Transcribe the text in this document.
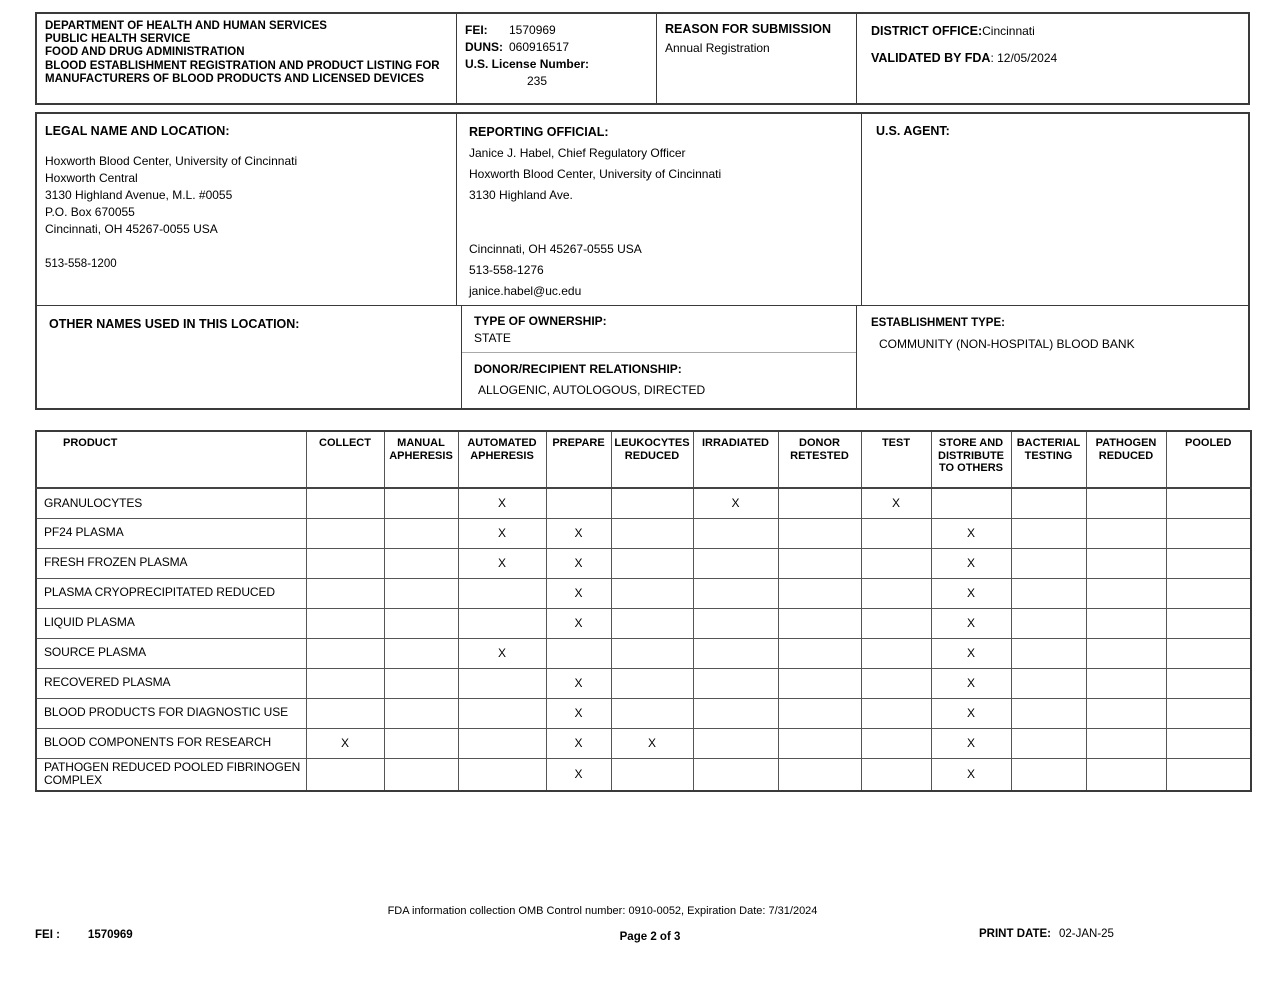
DEPARTMENT OF HEALTH AND HUMAN SERVICES
PUBLIC HEALTH SERVICE
FOOD AND DRUG ADMINISTRATION
BLOOD ESTABLISHMENT REGISTRATION AND PRODUCT LISTING FOR
MANUFACTURERS OF BLOOD PRODUCTS AND LICENSED DEVICES
FEI: 1570969
DUNS: 060916517
U.S. License Number:
235
REASON FOR SUBMISSION
Annual Registration
DISTRICT OFFICE:Cincinnati
VALIDATED BY FDA: 12/05/2024
LEGAL NAME AND LOCATION:
Hoxworth Blood Center, University of Cincinnati
Hoxworth Central
3130 Highland Avenue, M.L. #0055
P.O. Box 670055
Cincinnati, OH 45267-0055 USA
513-558-1200
REPORTING OFFICIAL:
Janice J. Habel, Chief Regulatory Officer
Hoxworth Blood Center, University of Cincinnati
3130 Highland Ave.
Cincinnati, OH 45267-0555 USA
513-558-1276
janice.habel@uc.edu
U.S. AGENT:
OTHER NAMES USED IN THIS LOCATION:	TYPE OF OWNERSHIP:
STATE
DONOR/RECIPIENT RELATIONSHIP:
ALLOGENIC, AUTOLOGOUS, DIRECTED
ESTABLISHMENT TYPE:
COMMUNITY (NON-HOSPITAL) BLOOD BANK
PRODUCT	COLLECT	MANUAL APHERESIS	AUTOMATED APHERESIS	PREPARE	LEUKOCYTES REDUCED	IRRADIATED	DONOR RETESTED	TEST	STORE AND DISTRIBUTE TO OTHERS	BACTERIAL TESTING	PATHOGEN REDUCED	POOLED
GRANULOCYTES			X			X		X				
PF24 PLASMA			X	X					X			
FRESH FROZEN PLASMA			X	X					X			
PLASMA CRYOPRECIPITATED REDUCED				X					X			
LIQUID PLASMA				X					X			
SOURCE PLASMA			X						X			
RECOVERED PLASMA				X					X			
BLOOD PRODUCTS FOR DIAGNOSTIC USE				X					X			
BLOOD COMPONENTS FOR RESEARCH	X			X	X				X			
PATHOGEN REDUCED POOLED FIBRINOGEN COMPLEX				X					X			
FDA information collection OMB Control number: 0910-0052, Expiration Date: 7/31/2024
Page 2 of 3
FEI : 1570969	PRINT DATE: 02-JAN-25
